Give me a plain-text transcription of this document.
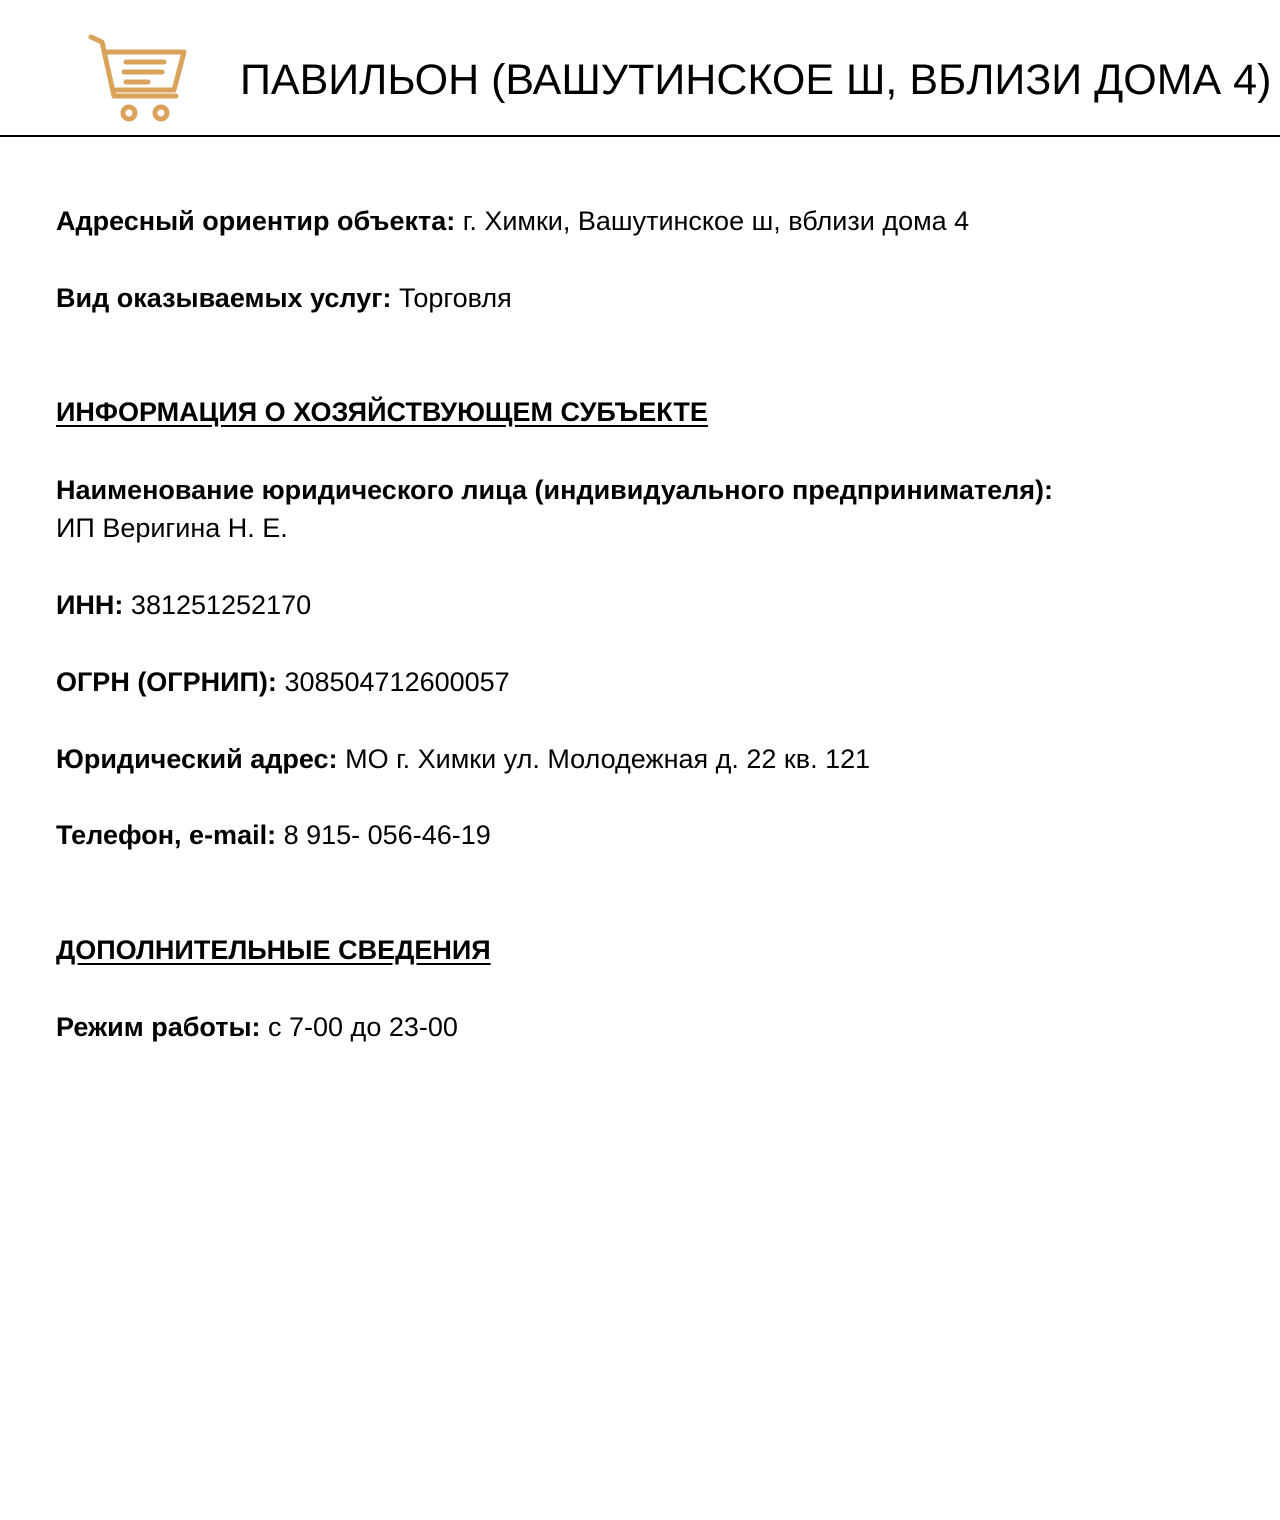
ПАВИЛЬОН (ВАШУТИНСКОЕ Ш, ВБЛИЗИ ДОМА 4)
Адресный ориентир объекта: г. Химки, Вашутинское ш, вблизи дома 4
Вид оказываемых услуг: Торговля
ИНФОРМАЦИЯ О ХОЗЯЙСТВУЮЩЕМ СУБЪЕКТЕ
Наименование юридического лица (индивидуального предпринимателя):
ИП Веригина Н. Е.
ИНН: 381251252170
ОГРН (ОГРНИП): 308504712600057
Юридический адрес: МО г. Химки ул. Молодежная д. 22 кв. 121
Телефон, e-mail: 8 915- 056-46-19
ДОПОЛНИТЕЛЬНЫЕ СВЕДЕНИЯ
Режим работы: с 7-00 до 23-00
